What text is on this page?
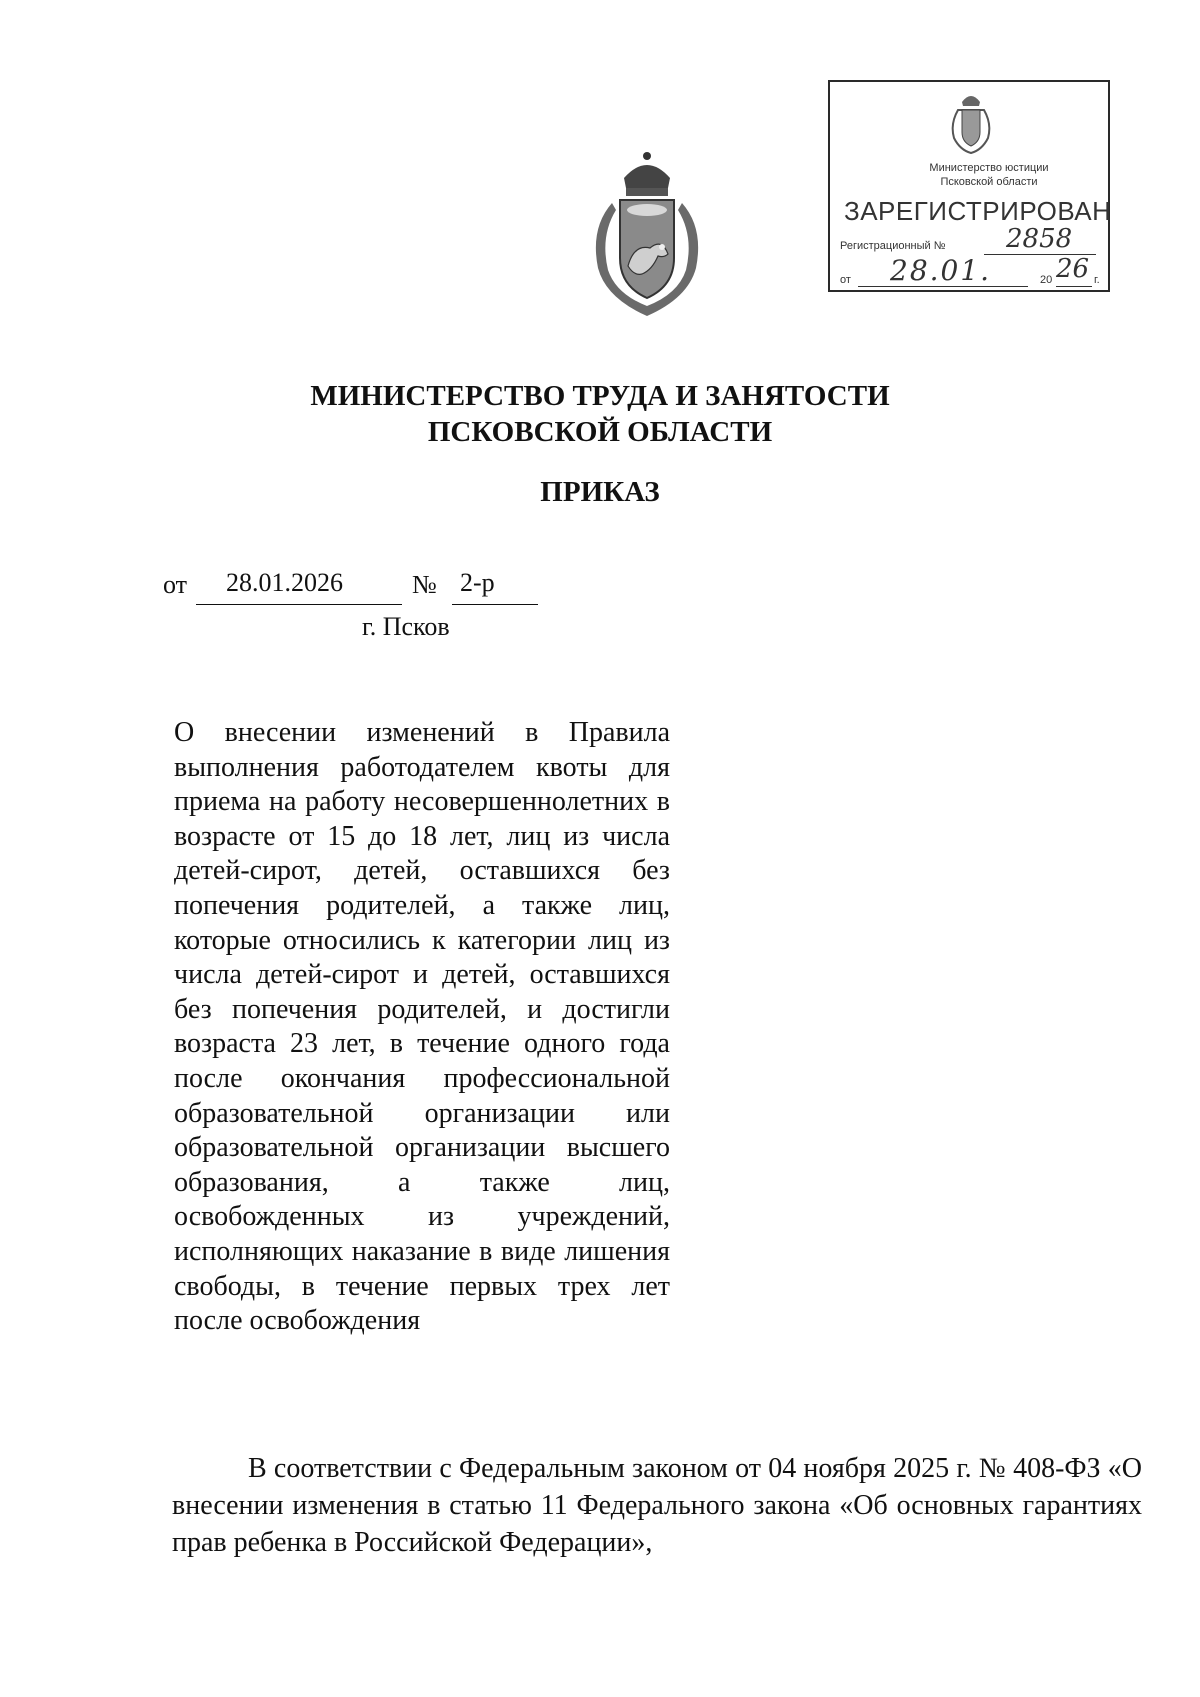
Министерство юстиции
Псковской области
ЗАРЕГИСТРИРОВАН
Регистрационный № 2858
от 28.01.	20 26 г.
МИНИСТЕРСТВО ТРУДА И ЗАНЯТОСТИ
ПСКОВСКОЙ ОБЛАСТИ
ПРИКАЗ
от 28.01.2026	№ 2-р
г. Псков
О внесении изменений в Правила выполнения работодателем квоты для приема на работу несовершеннолетних в возрасте от 15 до 18 лет, лиц из числа детей-сирот, детей, оставшихся без попечения родителей, а также лиц, которые относились к категории лиц из числа детей-сирот и детей, оставшихся без попечения родителей, и достигли возраста 23 лет, в течение одного года после окончания профессиональной образовательной организации или образовательной организации высшего образования, а также лиц, освобожденных из учреждений, исполняющих наказание в виде лишения свободы, в течение первых трех лет после освобождения

В соответствии с Федеральным законом от 04 ноября 2025 г. № 408-ФЗ «О внесении изменения в статью 11 Федерального закона «Об основных гарантиях прав ребенка в Российской Федерации»,
